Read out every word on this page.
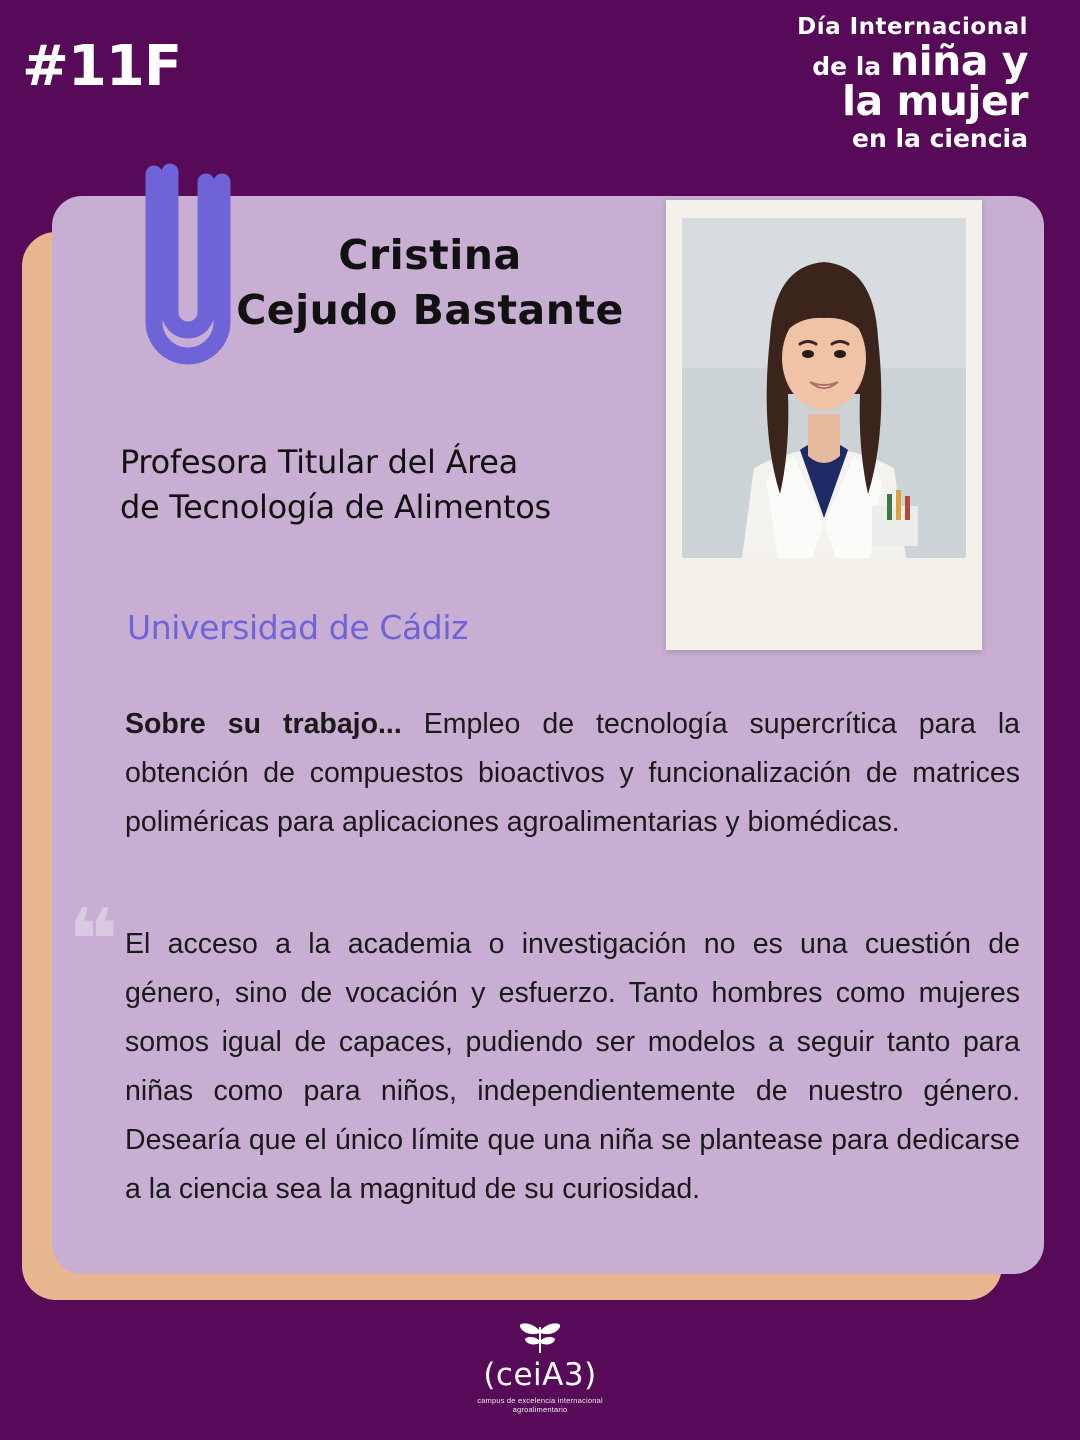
#11F
Día Internacional
de la niña y
la mujer
en la ciencia
Cristina
Cejudo Bastante
Profesora Titular del Área
de Tecnología de Alimentos
Universidad de Cádiz
Sobre su trabajo... Empleo de tecnología supercrítica para la obtención de compuestos bioactivos y funcionalización de matrices poliméricas para aplicaciones agroalimentarias y biomédicas.
❝ El acceso a la academia o investigación no es una cuestión de género, sino de vocación y esfuerzo. Tanto hombres como mujeres somos igual de capaces, pudiendo ser modelos a seguir tanto para niñas como para niños, independientemente de nuestro género. Desearía que el único límite que una niña se plantease para dedicarse a la ciencia sea la magnitud de su curiosidad.
(ceiA3)
campus de excelencia internacional
agroalimentario
